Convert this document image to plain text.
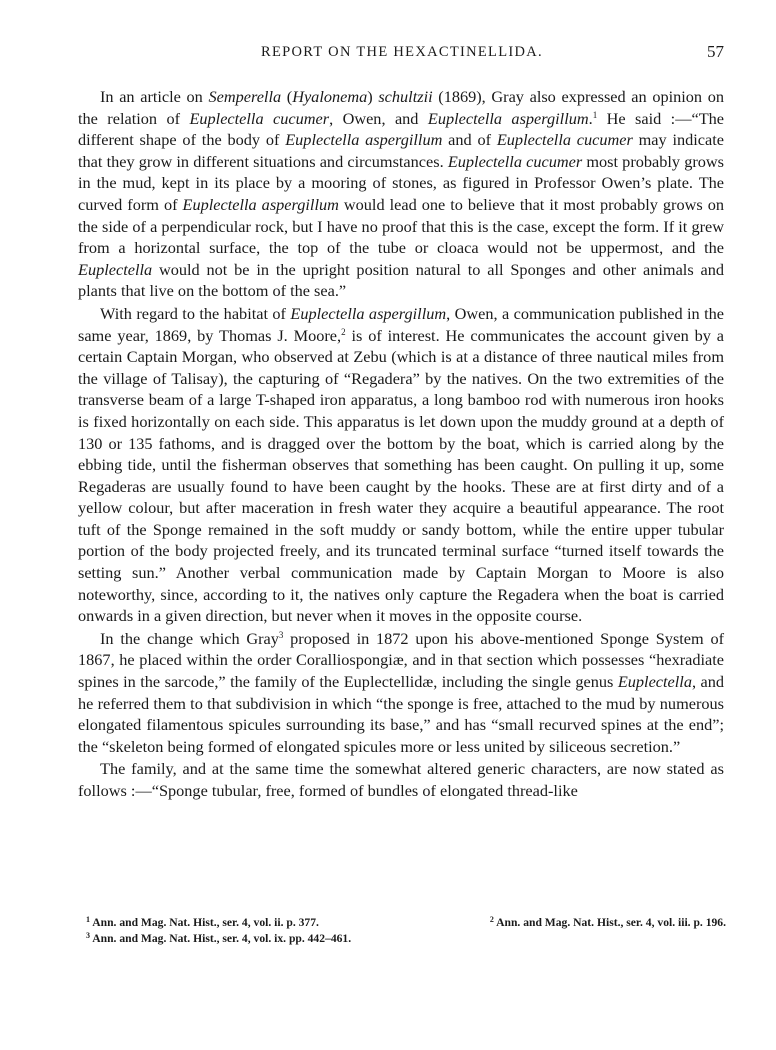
REPORT ON THE HEXACTINELLIDA.	57

In an article on Semperella (Hyalonema) schultzii (1869), Gray also expressed an opinion on the relation of Euplectella cucumer, Owen, and Euplectella aspergillum.$^1$ He said :—“The different shape of the body of Euplectella aspergillum and of Euplectella cucumer may indicate that they grow in different situations and circumstances. Euplectella cucumer most probably grows in the mud, kept in its place by a mooring of stones, as figured in Professor Owen’s plate. The curved form of Euplectella aspergillum would lead one to believe that it most probably grows on the side of a perpendicular rock, but I have no proof that this is the case, except the form. If it grew from a horizontal surface, the top of the tube or cloaca would not be uppermost, and the Euplectella would not be in the upright position natural to all Sponges and other animals and plants that live on the bottom of the sea.”

With regard to the habitat of Euplectella aspergillum, Owen, a communication published in the same year, 1869, by Thomas J. Moore,$^2$ is of interest. He communicates the account given by a certain Captain Morgan, who observed at Zebu (which is at a distance of three nautical miles from the village of Talisay), the capturing of “Regadera” by the natives. On the two extremities of the transverse beam of a large T-shaped iron apparatus, a long bamboo rod with numerous iron hooks is fixed horizontally on each side. This apparatus is let down upon the muddy ground at a depth of 130 or 135 fathoms, and is dragged over the bottom by the boat, which is carried along by the ebbing tide, until the fisherman observes that something has been caught. On pulling it up, some Regaderas are usually found to have been caught by the hooks. These are at first dirty and of a yellow colour, but after maceration in fresh water they acquire a beautiful appearance. The root tuft of the Sponge remained in the soft muddy or sandy bottom, while the entire upper tubular portion of the body projected freely, and its truncated terminal surface “turned itself towards the setting sun.” Another verbal communication made by Captain Morgan to Moore is also noteworthy, since, according to it, the natives only capture the Regadera when the boat is carried onwards in a given direction, but never when it moves in the opposite course.

In the change which Gray$^3$ proposed in 1872 upon his above-mentioned Sponge System of 1867, he placed within the order Coralliospongiæ, and in that section which possesses “hexradiate spines in the sarcode,” the family of the Euplectellidæ, including the single genus Euplectella, and he referred them to that subdivision in which “the sponge is free, attached to the mud by numerous elongated filamentous spicules surrounding its base,” and has “small recurved spines at the end”; the “skeleton being formed of elongated spicules more or less united by siliceous secretion.”

The family, and at the same time the somewhat altered generic characters, are now stated as follows :—“Sponge tubular, free, formed of bundles of elongated thread-like

$^1$ Ann. and Mag. Nat. Hist., ser. 4, vol. ii. p. 377.	$^2$ Ann. and Mag. Nat. Hist., ser. 4, vol. iii. p. 196.
$^3$ Ann. and Mag. Nat. Hist., ser. 4, vol. ix. pp. 442–461.
